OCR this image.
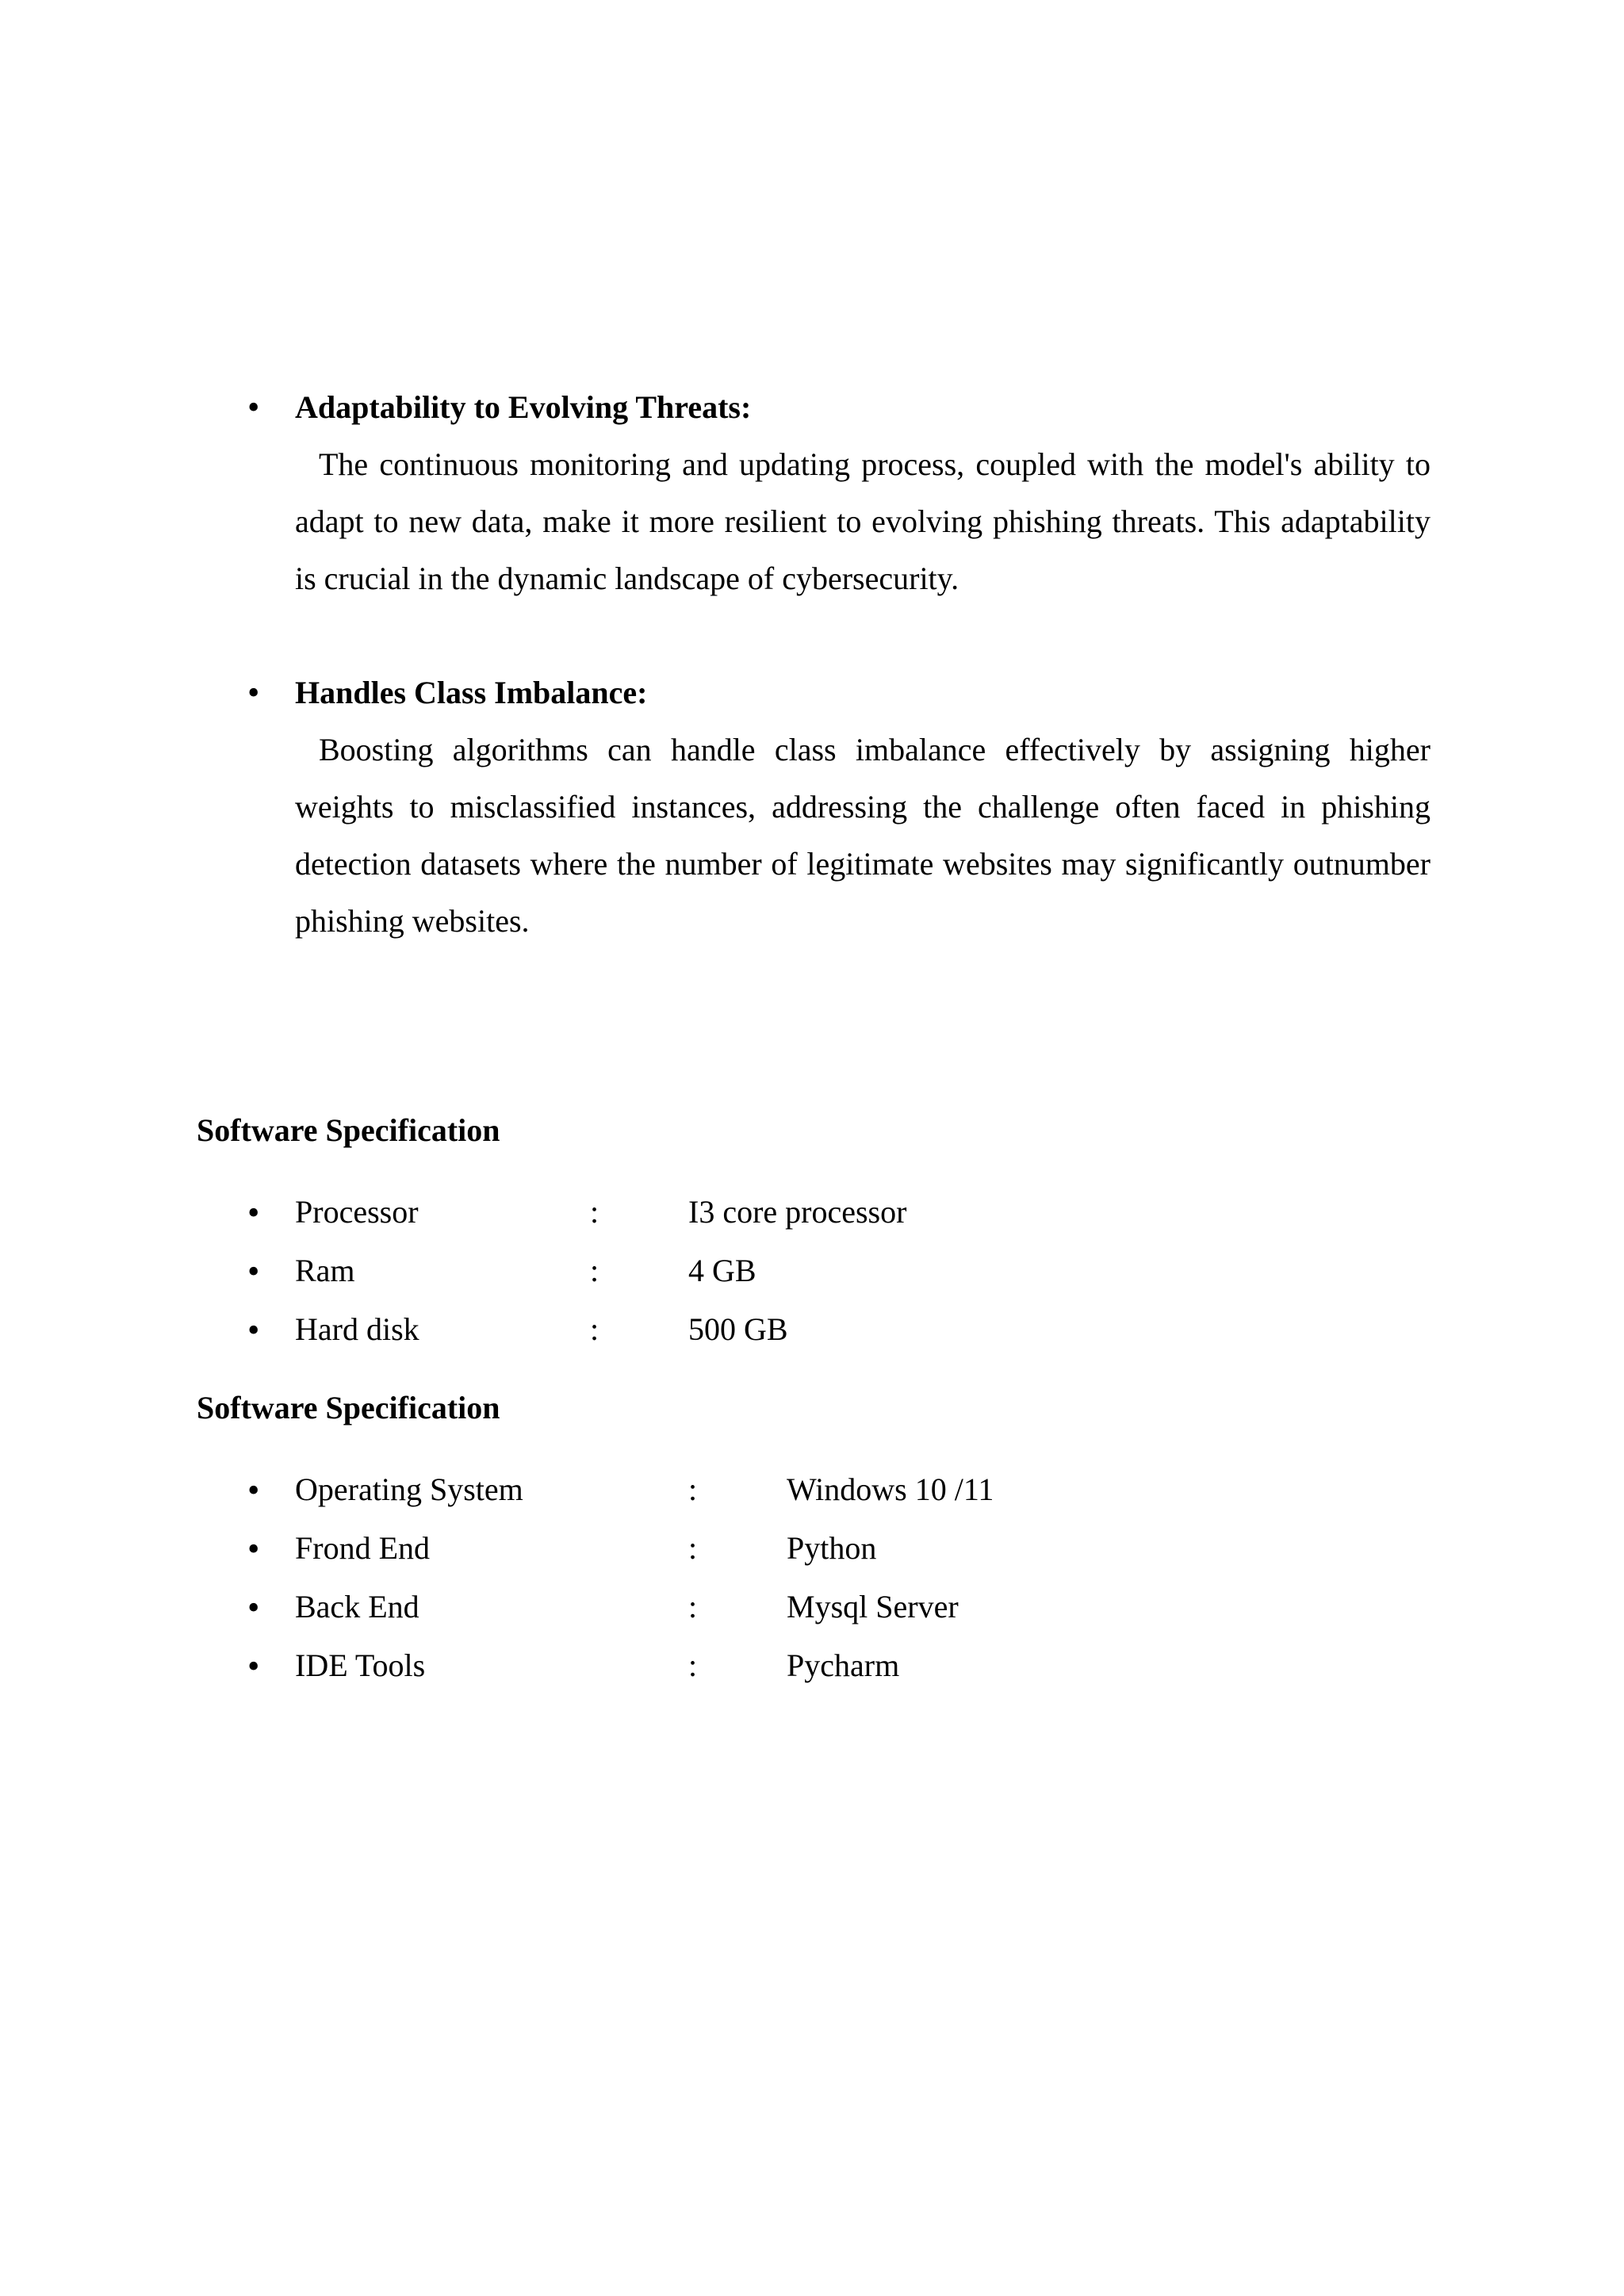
• Adaptability to Evolving Threats:
The continuous monitoring and updating process, coupled with the model's ability to adapt to new data, make it more resilient to evolving phishing threats. This adaptability is crucial in the dynamic landscape of cybersecurity.
• Handles Class Imbalance:
Boosting algorithms can handle class imbalance effectively by assigning higher weights to misclassified instances, addressing the challenge often faced in phishing detection datasets where the number of legitimate websites may significantly outnumber phishing websites.
Software Specification
• Processor	:	I3 core processor
• Ram	:	4 GB
• Hard disk	:	500 GB
Software Specification
• Operating System	:	Windows 10 /11
• Frond End	:	Python
• Back End	:	Mysql Server
• IDE Tools	:	Pycharm
